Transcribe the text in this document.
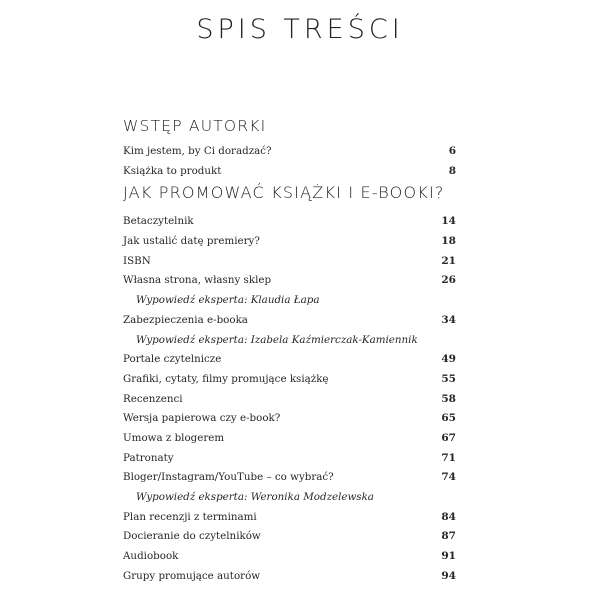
SPIS TREŚCI
WSTĘP AUTORKI
Kim jestem, by Ci doradzać?	6
Książka to produkt	8
JAK PROMOWAĆ KSIĄŻKI I E-BOOKI?
Betaczytelnik	14
Jak ustalić datę premiery?	18
ISBN	21
Własna strona, własny sklep	26
Wypowiedź eksperta: Klaudia Łapa
Zabezpieczenia e-booka	34
Wypowiedź eksperta: Izabela Kaźmierczak-Kamiennik
Portale czytelnicze	49
Grafiki, cytaty, filmy promujące książkę	55
Recenzenci	58
Wersja papierowa czy e-book?	65
Umowa z blogerem	67
Patronaty	71
Bloger/Instagram/YouTube – co wybrać?	74
Wypowiedź eksperta: Weronika Modzelewska
Plan recenzji z terminami	84
Docieranie do czytelników	87
Audiobook	91
Grupy promujące autorów	94
